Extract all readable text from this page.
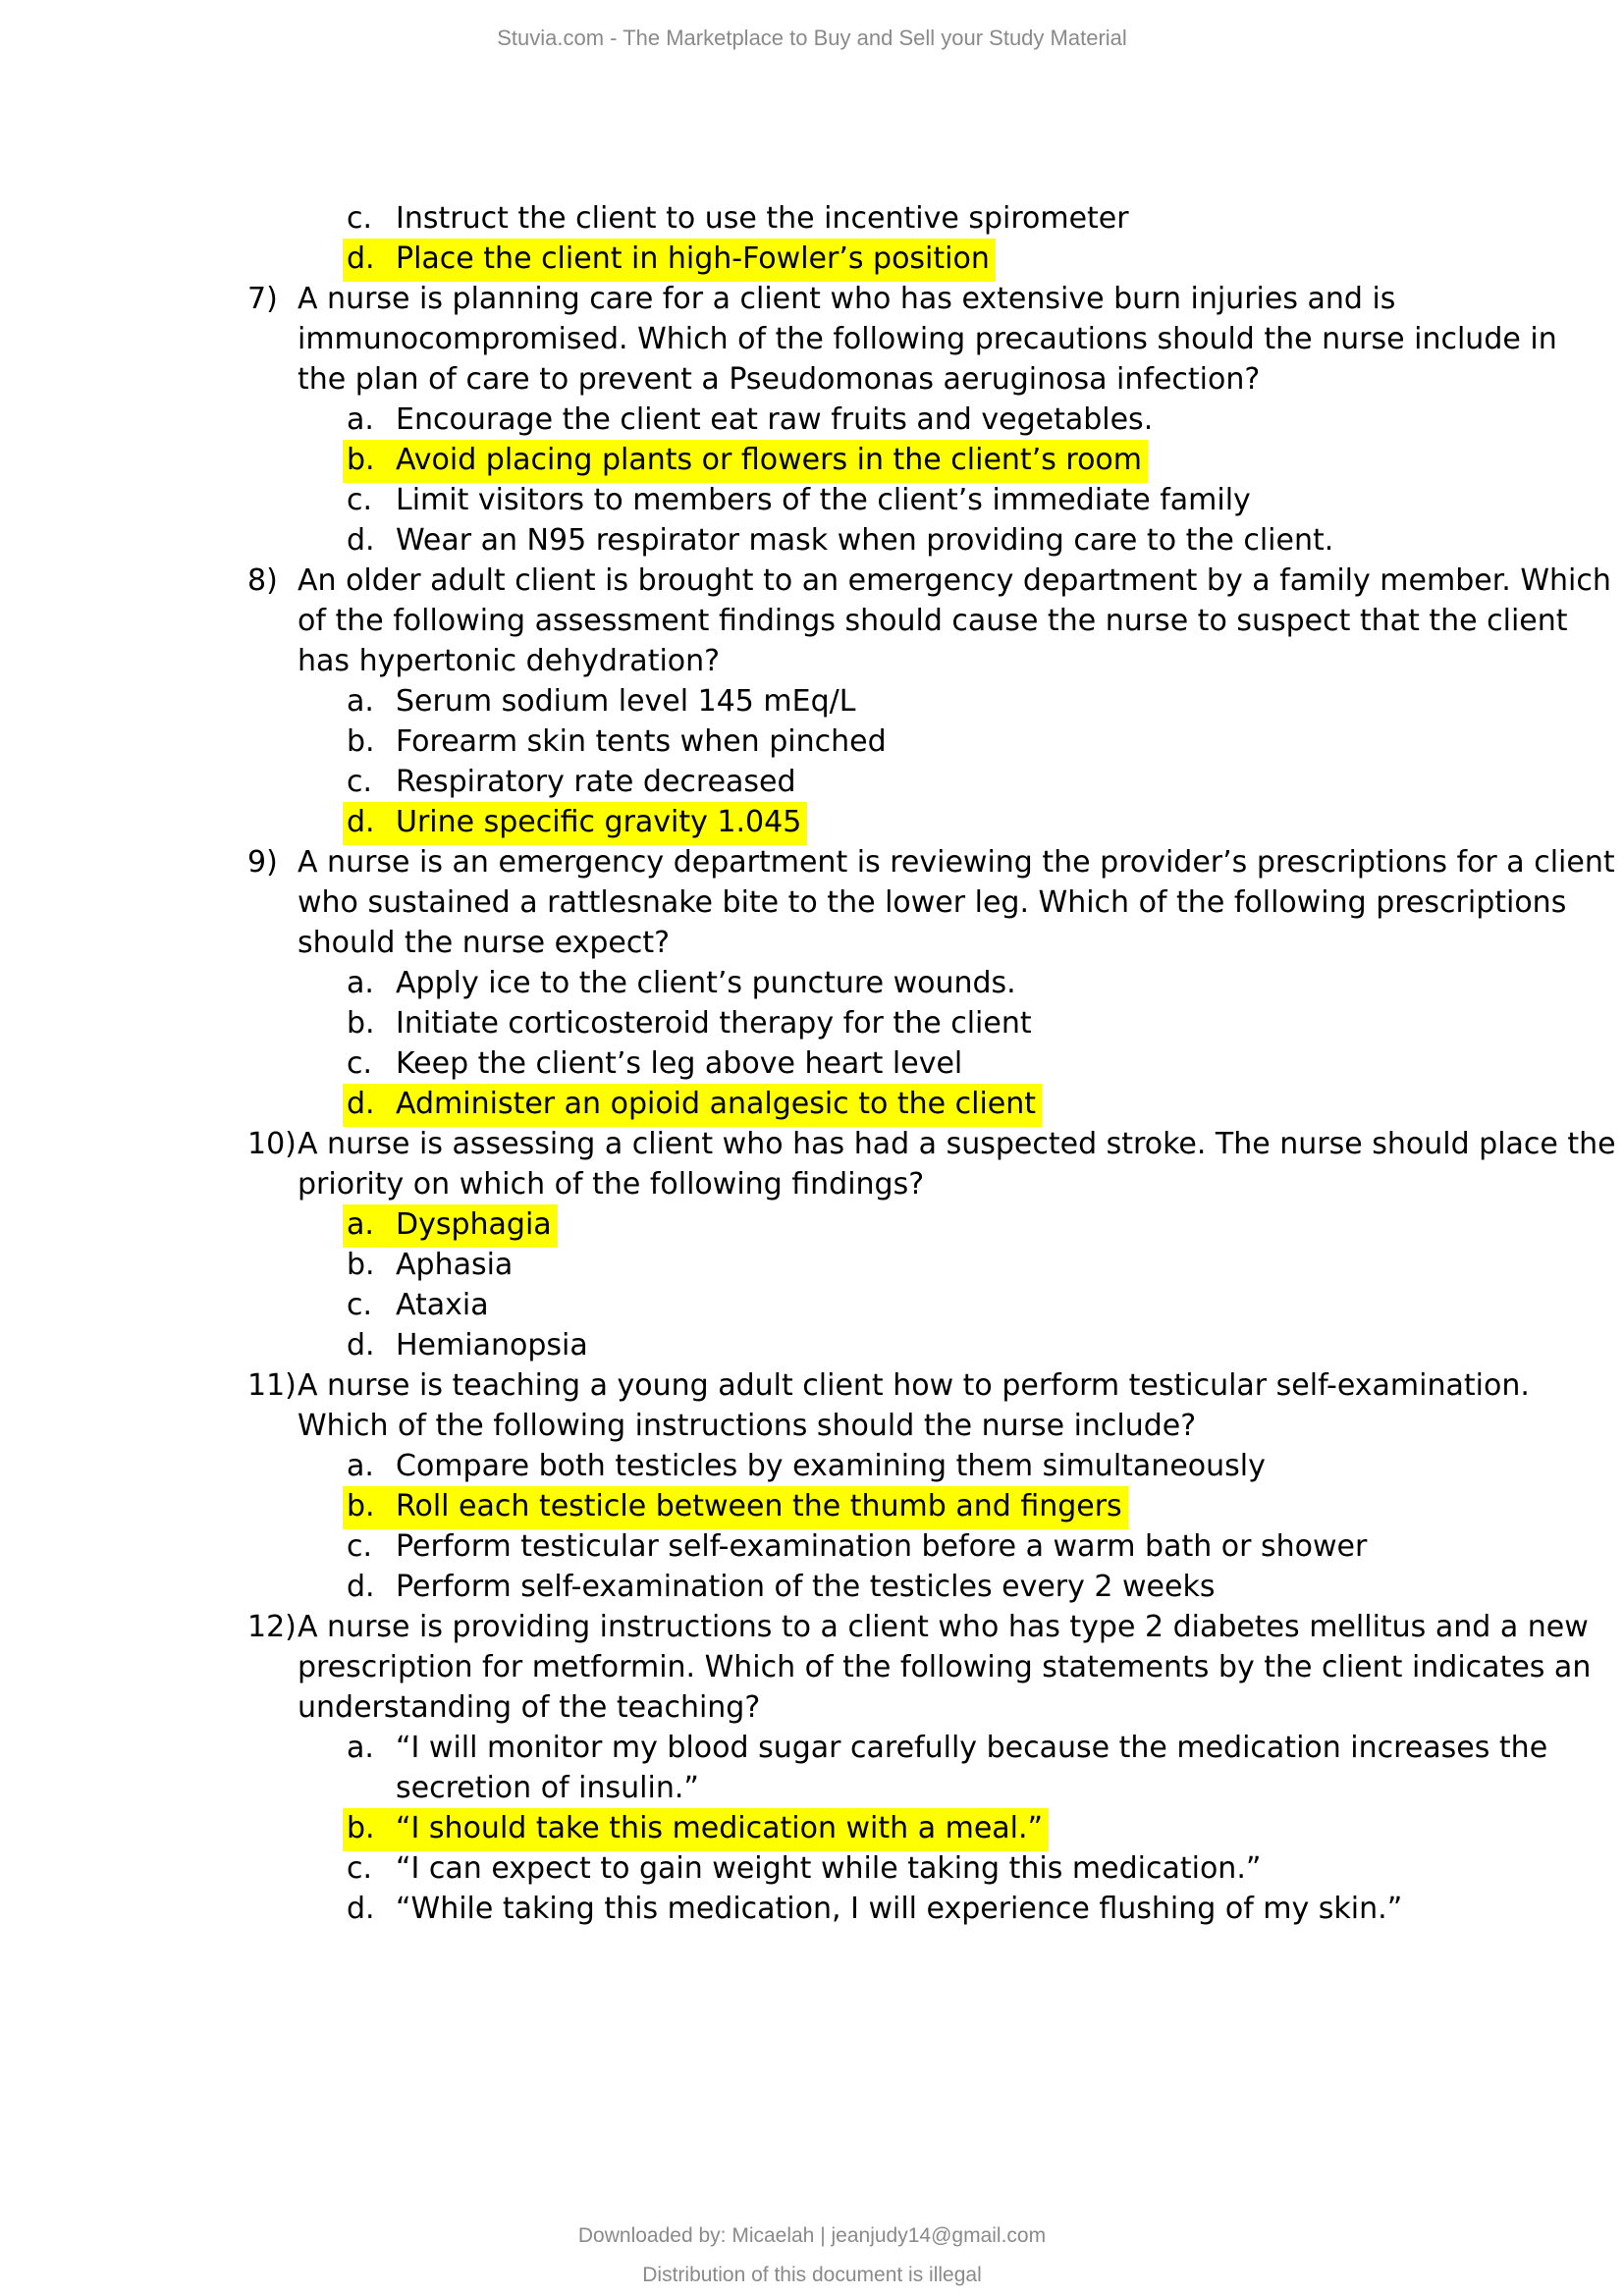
Stuvia.com - The Marketplace to Buy and Sell your Study Material
c. Instruct the client to use the incentive spirometer
d. Place the client in high-Fowler’s position
7) A nurse is planning care for a client who has extensive burn injuries and is
immunocompromised. Which of the following precautions should the nurse include in
the plan of care to prevent a Pseudomonas aeruginosa infection?
a. Encourage the client eat raw fruits and vegetables.
b. Avoid placing plants or flowers in the client’s room
c. Limit visitors to members of the client’s immediate family
d. Wear an N95 respirator mask when providing care to the client.
8) An older adult client is brought to an emergency department by a family member. Which
of the following assessment findings should cause the nurse to suspect that the client
has hypertonic dehydration?
a. Serum sodium level 145 mEq/L
b. Forearm skin tents when pinched
c. Respiratory rate decreased
d. Urine specific gravity 1.045
9) A nurse is an emergency department is reviewing the provider’s prescriptions for a client
who sustained a rattlesnake bite to the lower leg. Which of the following prescriptions
should the nurse expect?
a. Apply ice to the client’s puncture wounds.
b. Initiate corticosteroid therapy for the client
c. Keep the client’s leg above heart level
d. Administer an opioid analgesic to the client
10) A nurse is assessing a client who has had a suspected stroke. The nurse should place the
priority on which of the following findings?
a. Dysphagia
b. Aphasia
c. Ataxia
d. Hemianopsia
11) A nurse is teaching a young adult client how to perform testicular self-examination.
Which of the following instructions should the nurse include?
a. Compare both testicles by examining them simultaneously
b. Roll each testicle between the thumb and fingers
c. Perform testicular self-examination before a warm bath or shower
d. Perform self-examination of the testicles every 2 weeks
12) A nurse is providing instructions to a client who has type 2 diabetes mellitus and a new
prescription for metformin. Which of the following statements by the client indicates an
understanding of the teaching?
a. “I will monitor my blood sugar carefully because the medication increases the
secretion of insulin.”
b. “I should take this medication with a meal.”
c. “I can expect to gain weight while taking this medication.”
d. “While taking this medication, I will experience flushing of my skin.”
Downloaded by: Micaelah | jeanjudy14@gmail.com
Distribution of this document is illegal
